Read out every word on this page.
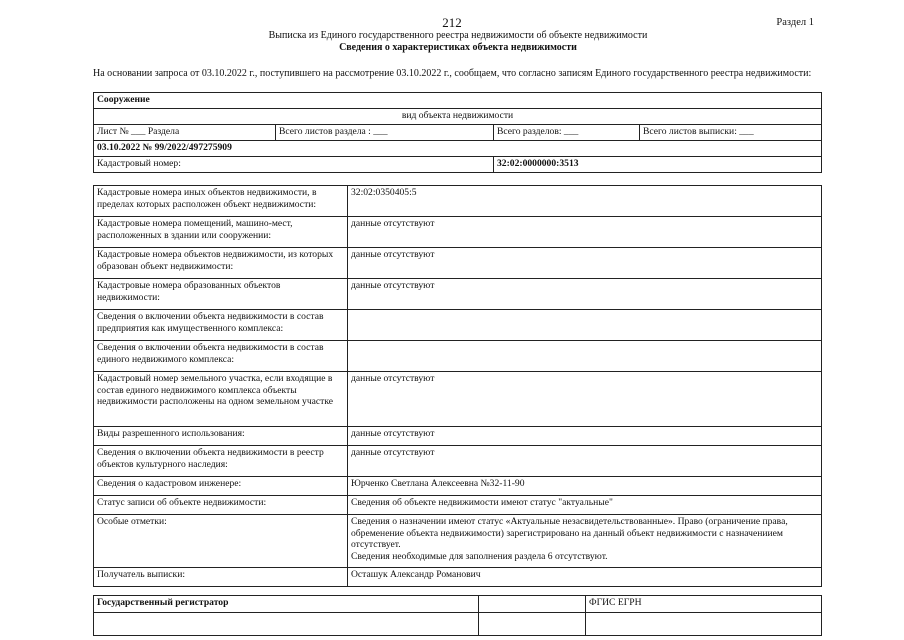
212	Раздел 1
Выписка из Единого государственного реестра недвижимости об объекте недвижимости
Сведения о характеристиках объекта недвижимости
На основании запроса от 03.10.2022 г., поступившего на рассмотрение 03.10.2022 г., сообщаем, что согласно записям Единого государственного реестра недвижимости:
Сооружение			
вид объекта недвижимости			
Лист № ___ Раздела	Всего листов раздела : ___	Всего разделов: ___	Всего листов выписки: ___
03.10.2022 № 99/2022/497275909			
Кадастровый номер:		32:02:0000000:3513	
Кадастровые номера иных объектов недвижимости, в пределах которых расположен объект недвижимости:	32:02:0350405:5
Кадастровые номера помещений, машино-мест, расположенных в здании или сооружении:	данные отсутствуют
Кадастровые номера объектов недвижимости, из которых образован объект недвижимости:	данные отсутствуют
Кадастровые номера образованных объектов недвижимости:	данные отсутствуют
Сведения о включении объекта недвижимости в состав предприятия как имущественного комплекса:	
Сведения о включении объекта недвижимости в состав единого недвижимого комплекса:	
Кадастровый номер земельного участка, если входящие в состав единого недвижимого комплекса объекты недвижимости расположены на одном земельном участке	данные отсутствуют
Виды разрешенного использования:	данные отсутствуют
Сведения о включении объекта недвижимости в реестр объектов культурного наследия:	данные отсутствуют
Сведения о кадастровом инженере:	Юрченко Светлана Алексеевна №32-11-90
Статус записи об объекте недвижимости:	Сведения об объекте недвижимости имеют статус "актуальные"
Особые отметки:	Сведения о назначении имеют статус «Актуальные незасвидетельствованные». Право (ограничение права, обременение объекта недвижимости) зарегистрировано на данный объект недвижимости с назначениием отсутствует.
Сведения необходимые для заполнения раздела 6 отсутствуют.
Получатель выписки:	Осташук Александр Романович
Государственный регистратор		ФГИС ЕГРН
